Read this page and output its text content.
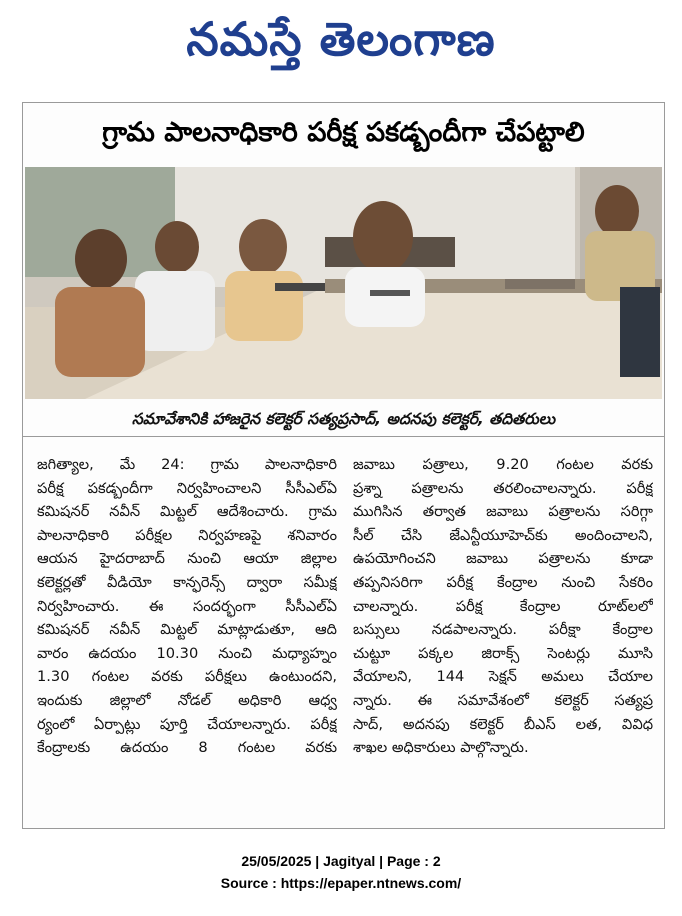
నమస్తే తెలంగాణ
గ్రామ పాలనాధికారి పరీక్ష పకడ్బందీగా చేపట్టాలి
సమావేశానికి హాజరైన కలెక్టర్ సత్యప్రసాద్, అదనపు కలెక్టర్, తదితరులు
జగిత్యాల, మే 24: గ్రామ పాలనాధికారి
పరీక్ష పకడ్బందీగా నిర్వహించాలని సీసీఎల్ఏ
కమిషనర్ నవీన్ మిట్టల్ ఆదేశించారు. గ్రామ
పాలనాధికారి పరీక్షల నిర్వహణపై శనివారం
ఆయన హైదరాబాద్ నుంచి ఆయా జిల్లాల
కలెక్టర్లతో వీడియో కాన్ఫరెన్స్ ద్వారా సమీక్ష
నిర్వహించారు. ఈ సందర్భంగా సీసీఎల్ఏ
కమిషనర్ నవీన్ మిట్టల్ మాట్లాడుతూ, ఆది
వారం ఉదయం 10.30 నుంచి మధ్యాహ్నం
1.30 గంటల వరకు పరీక్షలు ఉంటుందని,
ఇందుకు జిల్లాలో నోడల్ అధికారి ఆధ్వ
ర్యంలో ఏర్పాట్లు పూర్తి చేయాలన్నారు. పరీక్ష
కేంద్రాలకు ఉదయం 8 గంటల వరకు
జవాబు పత్రాలు, 9.20 గంటల వరకు
ప్రశ్నా పత్రాలను తరలించాలన్నారు. పరీక్ష
ముగిసిన తర్వాత జవాబు పత్రాలను సరిగ్గా
సీల్ చేసి జేఎన్టీయూహెచ్‌కు అందించాలని,
ఉపయోగించని జవాబు పత్రాలను కూడా
తప్పనిసరిగా పరీక్ష కేంద్రాల నుంచి సేకరిం
చాలన్నారు. పరీక్ష కేంద్రాల రూట్‌లలో
బస్సులు నడపాలన్నారు. పరీక్షా కేంద్రాల
చుట్టూ పక్కల జిరాక్స్ సెంటర్లు మూసి
వేయాలని, 144 సెక్షన్ అమలు చేయాల
న్నారు. ఈ సమావేశంలో కలెక్టర్ సత్యప్ర
సాద్, అదనపు కలెక్టర్ బీఎస్ లత, వివిధ
శాఖల అధికారులు పాల్గొన్నారు.
25/05/2025 | Jagityal | Page : 2
Source : https://epaper.ntnews.com/
